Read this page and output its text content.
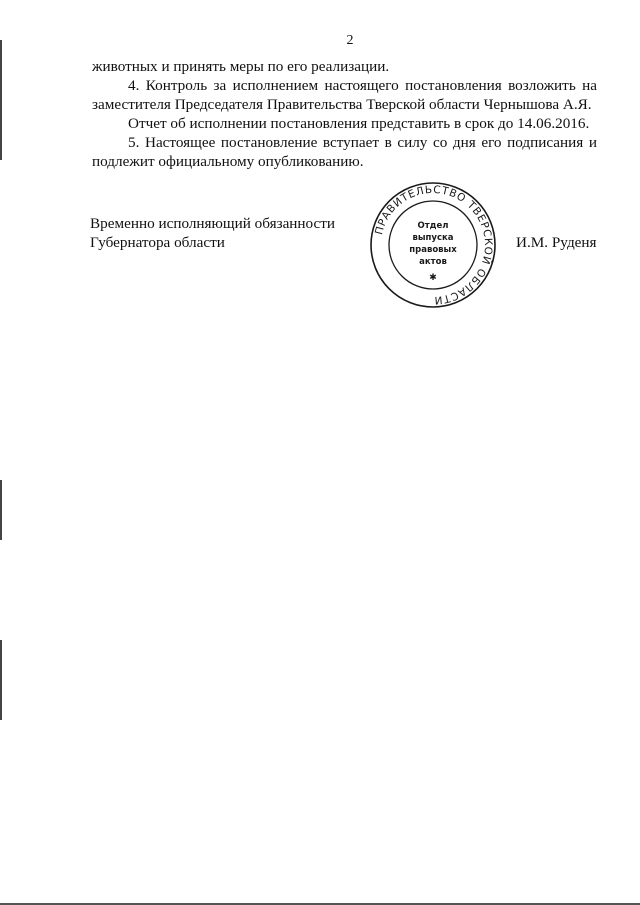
2

животных и принять меры по его реализации.

4. Контроль за исполнением настоящего постановления возложить на заместителя Председателя Правительства Тверской области Чернышова А.Я.

Отчет об исполнении постановления представить в срок до 14.06.2016.

5. Настоящее постановление вступает в силу со дня его подписания и подлежит официальному опубликованию.

Временно исполняющий обязанности
Губернатора области
ПРАВИТЕЛЬСТВО ТВЕРСКОЙ ОБЛАСТИ
Отдел
выпуска
правовых
актов
✱
И.М. Руденя
